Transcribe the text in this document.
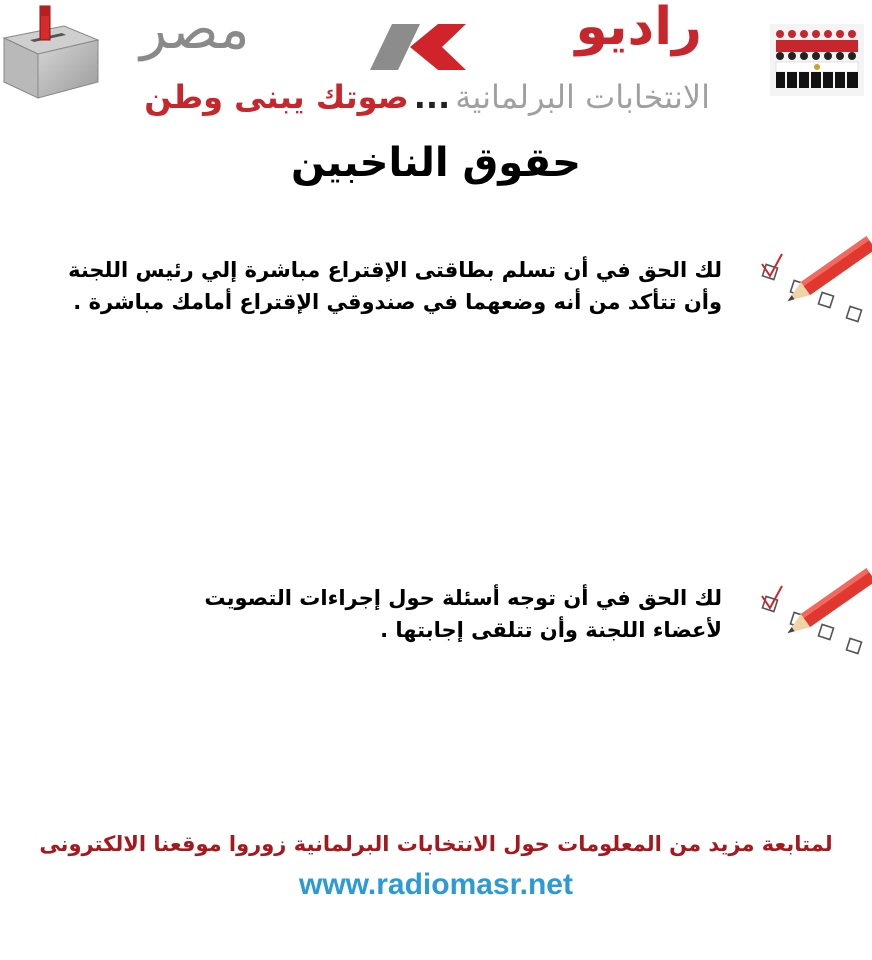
مصر	راديو
الانتخابات البرلمانية ... صوتك يبنى وطن
حقوق الناخبين
لك الحق في أن تسلم بطاقتى الإقتراع مباشرة إلي رئيس اللجنة
وأن تتأكد من أنه وضعهما في صندوقي الإقتراع أمامك مباشرة .
لك الحق في أن توجه أسئلة حول إجراءات التصويت
لأعضاء اللجنة وأن تتلقى إجابتها .
لمتابعة مزيد من المعلومات حول الانتخابات البرلمانية زوروا موقعنا الالكترونى
www.radiomasr.net
